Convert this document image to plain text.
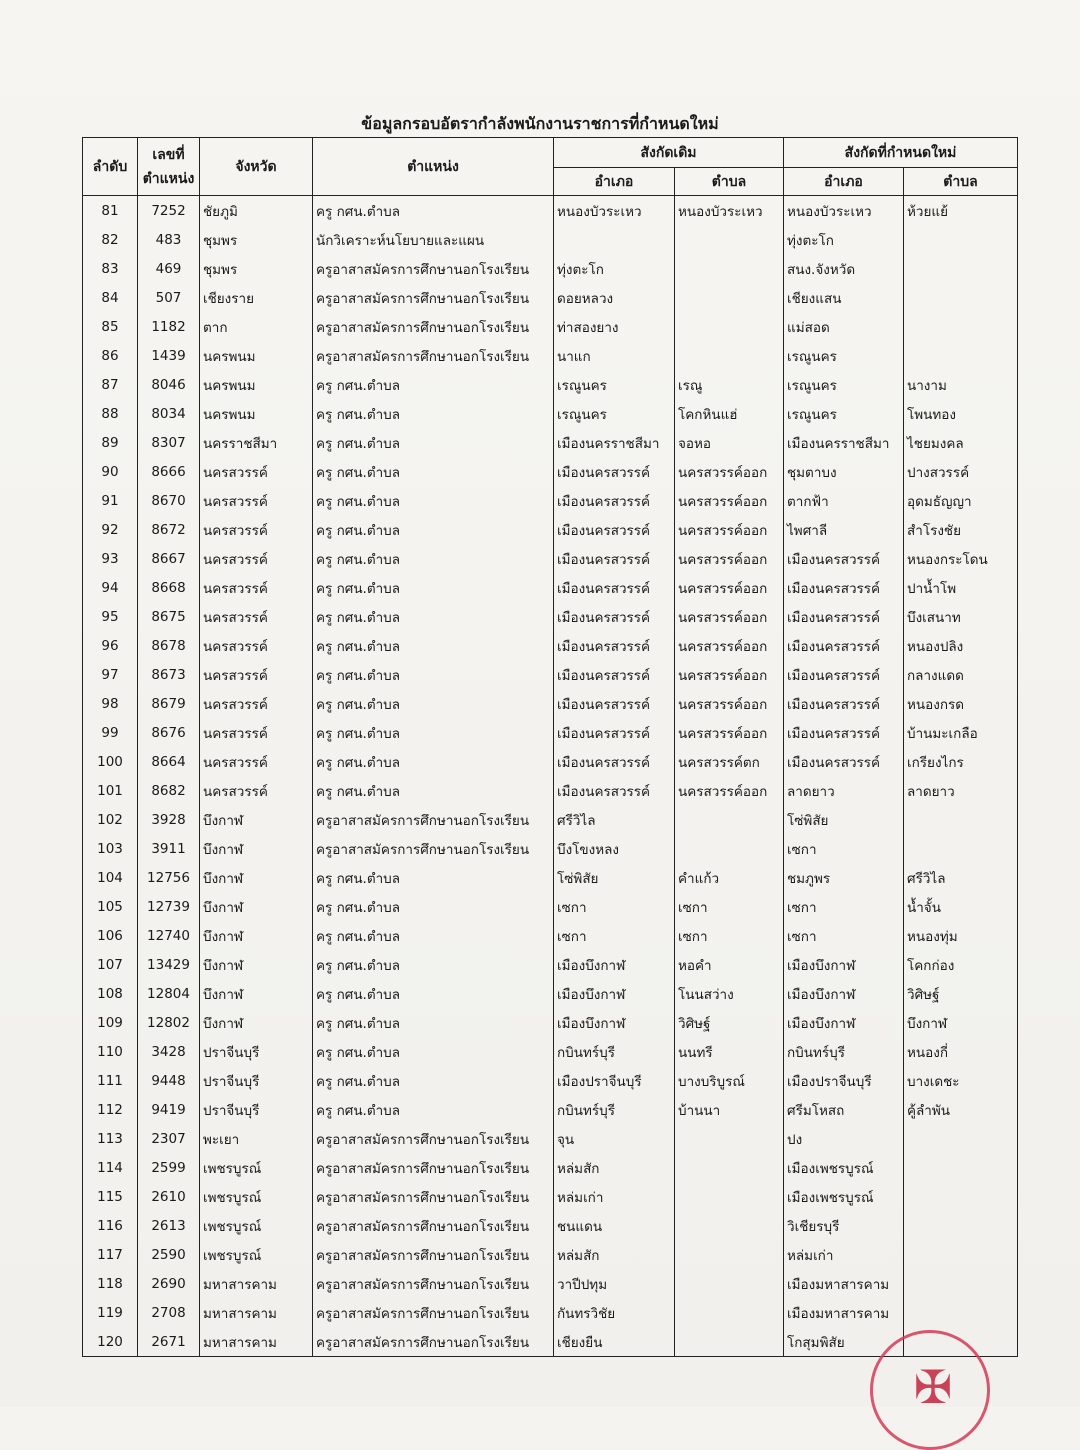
ข้อมูลกรอบอัตรากำลังพนักงานราชการที่กำหนดใหม่
ลำดับ	เลขที่ ตำแหน่ง	จังหวัด	ตำแหน่ง	สังกัดเดิม		สังกัดที่กำหนดใหม่	
				อำเภอ	ตำบล	อำเภอ	ตำบล
81	7252	ชัยภูมิ	ครู กศน.ตำบล	หนองบัวระเหว	หนองบัวระเหว	หนองบัวระเหว	ห้วยแย้
82	483	ชุมพร	นักวิเคราะห์นโยบายและแผน			ทุ่งตะโก	
83	469	ชุมพร	ครูอาสาสมัครการศึกษานอกโรงเรียน	ทุ่งตะโก		สนง.จังหวัด	
84	507	เชียงราย	ครูอาสาสมัครการศึกษานอกโรงเรียน	ดอยหลวง		เชียงแสน	
85	1182	ตาก	ครูอาสาสมัครการศึกษานอกโรงเรียน	ท่าสองยาง		แม่สอด	
86	1439	นครพนม	ครูอาสาสมัครการศึกษานอกโรงเรียน	นาแก		เรณูนคร	
87	8046	นครพนม	ครู กศน.ตำบล	เรณูนคร	เรณู	เรณูนคร	นางาม
88	8034	นครพนม	ครู กศน.ตำบล	เรณูนคร	โคกหินแฮ่	เรณูนคร	โพนทอง
89	8307	นครราชสีมา	ครู กศน.ตำบล	เมืองนครราชสีมา	จอหอ	เมืองนครราชสีมา	ไชยมงคล
90	8666	นครสวรรค์	ครู กศน.ตำบล	เมืองนครสวรรค์	นครสวรรค์ออก	ชุมตาบง	ปางสวรรค์
91	8670	นครสวรรค์	ครู กศน.ตำบล	เมืองนครสวรรค์	นครสวรรค์ออก	ตากฟ้า	อุดมธัญญา
92	8672	นครสวรรค์	ครู กศน.ตำบล	เมืองนครสวรรค์	นครสวรรค์ออก	ไพศาลี	สำโรงชัย
93	8667	นครสวรรค์	ครู กศน.ตำบล	เมืองนครสวรรค์	นครสวรรค์ออก	เมืองนครสวรรค์	หนองกระโดน
94	8668	นครสวรรค์	ครู กศน.ตำบล	เมืองนครสวรรค์	นครสวรรค์ออก	เมืองนครสวรรค์	ปาน้ำโพ
95	8675	นครสวรรค์	ครู กศน.ตำบล	เมืองนครสวรรค์	นครสวรรค์ออก	เมืองนครสวรรค์	บึงเสนาท
96	8678	นครสวรรค์	ครู กศน.ตำบล	เมืองนครสวรรค์	นครสวรรค์ออก	เมืองนครสวรรค์	หนองปลิง
97	8673	นครสวรรค์	ครู กศน.ตำบล	เมืองนครสวรรค์	นครสวรรค์ออก	เมืองนครสวรรค์	กลางแดด
98	8679	นครสวรรค์	ครู กศน.ตำบล	เมืองนครสวรรค์	นครสวรรค์ออก	เมืองนครสวรรค์	หนองกรด
99	8676	นครสวรรค์	ครู กศน.ตำบล	เมืองนครสวรรค์	นครสวรรค์ออก	เมืองนครสวรรค์	บ้านมะเกลือ
100	8664	นครสวรรค์	ครู กศน.ตำบล	เมืองนครสวรรค์	นครสวรรค์ตก	เมืองนครสวรรค์	เกรียงไกร
101	8682	นครสวรรค์	ครู กศน.ตำบล	เมืองนครสวรรค์	นครสวรรค์ออก	ลาดยาว	ลาดยาว
102	3928	บึงกาฬ	ครูอาสาสมัครการศึกษานอกโรงเรียน	ศรีวิไล		โซ่พิสัย	
103	3911	บึงกาฬ	ครูอาสาสมัครการศึกษานอกโรงเรียน	บึงโขงหลง		เซกา	
104	12756	บึงกาฬ	ครู กศน.ตำบล	โซ่พิสัย	คำแก้ว	ชมภูพร	ศรีวิไล
105	12739	บึงกาฬ	ครู กศน.ตำบล	เซกา	เซกา	เซกา	น้ำจั้น
106	12740	บึงกาฬ	ครู กศน.ตำบล	เซกา	เซกา	เซกา	หนองทุ่ม
107	13429	บึงกาฬ	ครู กศน.ตำบล	เมืองบึงกาฬ	หอคำ	เมืองบึงกาฬ	โคกก่อง
108	12804	บึงกาฬ	ครู กศน.ตำบล	เมืองบึงกาฬ	โนนสว่าง	เมืองบึงกาฬ	วิศิษฐ์
109	12802	บึงกาฬ	ครู กศน.ตำบล	เมืองบึงกาฬ	วิศิษฐ์	เมืองบึงกาฬ	บึงกาฬ
110	3428	ปราจีนบุรี	ครู กศน.ตำบล	กบินทร์บุรี	นนทรี	กบินทร์บุรี	หนองกี่
111	9448	ปราจีนบุรี	ครู กศน.ตำบล	เมืองปราจีนบุรี	บางบริบูรณ์	เมืองปราจีนบุรี	บางเดชะ
112	9419	ปราจีนบุรี	ครู กศน.ตำบล	กบินทร์บุรี	บ้านนา	ศรีมโหสถ	คู้ลำพัน
113	2307	พะเยา	ครูอาสาสมัครการศึกษานอกโรงเรียน	จุน		ปง	
114	2599	เพชรบูรณ์	ครูอาสาสมัครการศึกษานอกโรงเรียน	หล่มสัก		เมืองเพชรบูรณ์	
115	2610	เพชรบูรณ์	ครูอาสาสมัครการศึกษานอกโรงเรียน	หล่มเก่า		เมืองเพชรบูรณ์	
116	2613	เพชรบูรณ์	ครูอาสาสมัครการศึกษานอกโรงเรียน	ชนแดน		วิเชียรบุรี	
117	2590	เพชรบูรณ์	ครูอาสาสมัครการศึกษานอกโรงเรียน	หล่มสัก		หล่มเก่า	
118	2690	มหาสารคาม	ครูอาสาสมัครการศึกษานอกโรงเรียน	วาปีปทุม		เมืองมหาสารคาม	
119	2708	มหาสารคาม	ครูอาสาสมัครการศึกษานอกโรงเรียน	กันทรวิชัย		เมืองมหาสารคาม	
120	2671	มหาสารคาม	ครูอาสาสมัครการศึกษานอกโรงเรียน	เชียงยืน		โกสุมพิสัย	
✠
